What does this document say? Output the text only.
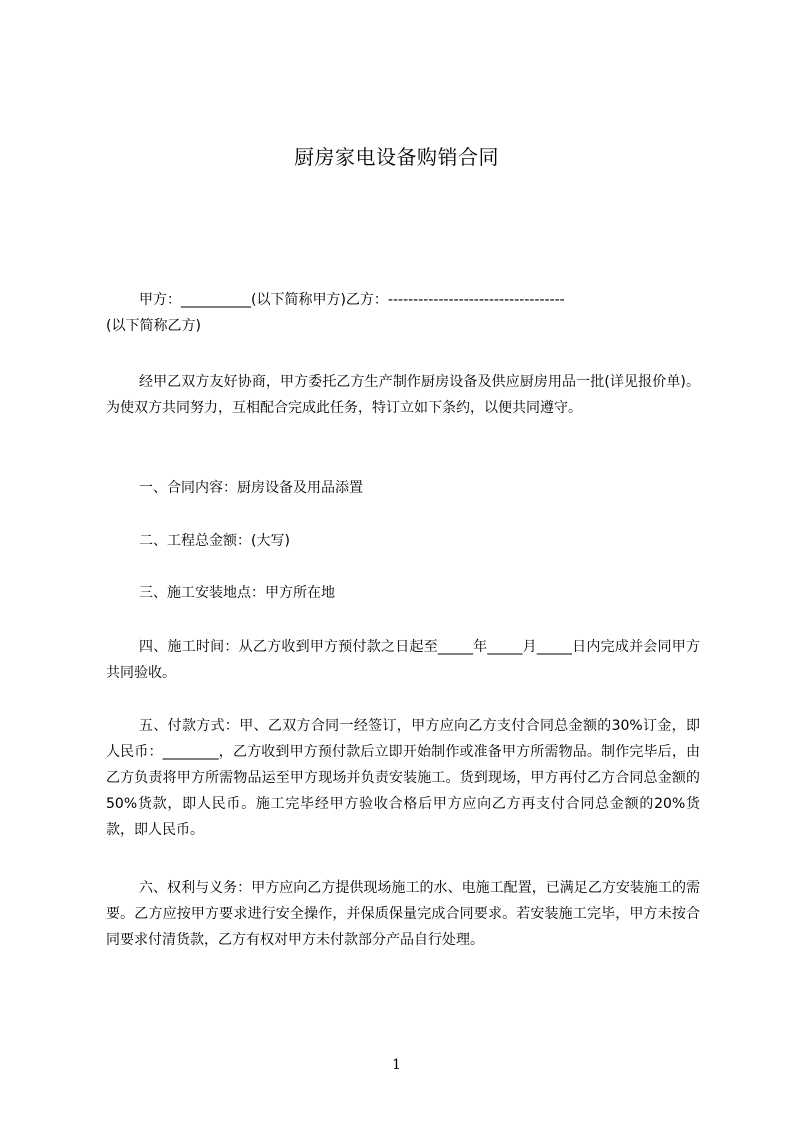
厨房家电设备购销合同
甲方：__________(以下简称甲方)乙方：-----------------------------------
(以下简称乙方)
经甲乙双方友好协商，甲方委托乙方生产制作厨房设备及供应厨房用品一批(详见报价单)。为使双方共同努力，互相配合完成此任务，特订立如下条约，以便共同遵守。
一、合同内容：厨房设备及用品添置
二、工程总金额：(大写)
三、施工安装地点：甲方所在地
四、施工时间：从乙方收到甲方预付款之日起至_____年_____月_____日内完成并会同甲方共同验收。
五、付款方式：甲、乙双方合同一经签订，甲方应向乙方支付合同总金额的30%订金，即人民币：________，乙方收到甲方预付款后立即开始制作或准备甲方所需物品。制作完毕后，由乙方负责将甲方所需物品运至甲方现场并负责安装施工。货到现场，甲方再付乙方合同总金额的50%货款，即人民币。施工完毕经甲方验收合格后甲方应向乙方再支付合同总金额的20%货款，即人民币。
六、权利与义务：甲方应向乙方提供现场施工的水、电施工配置，已满足乙方安装施工的需要。乙方应按甲方要求进行安全操作，并保质保量完成合同要求。若安装施工完毕，甲方未按合同要求付清货款，乙方有权对甲方未付款部分产品自行处理。
1
